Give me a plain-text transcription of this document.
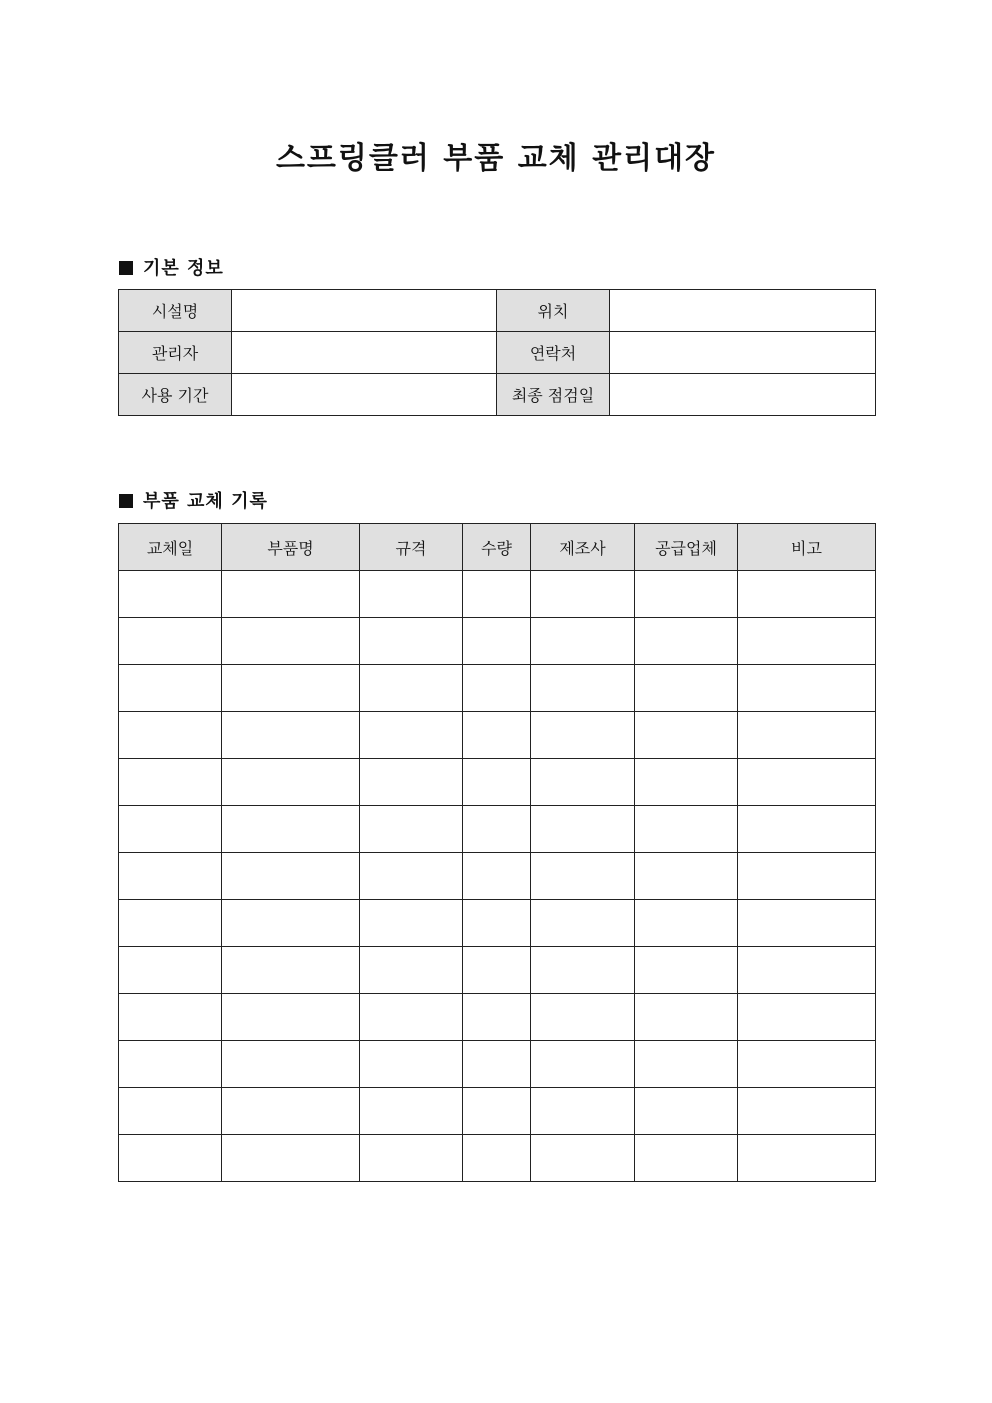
스프링클러 부품 교체 관리대장
기본 정보
시설명		위치	
관리자		연락처	
사용 기간		최종 점검일	
부품 교체 기록
교체일	부품명	규격	수량	제조사	공급업체	비고
